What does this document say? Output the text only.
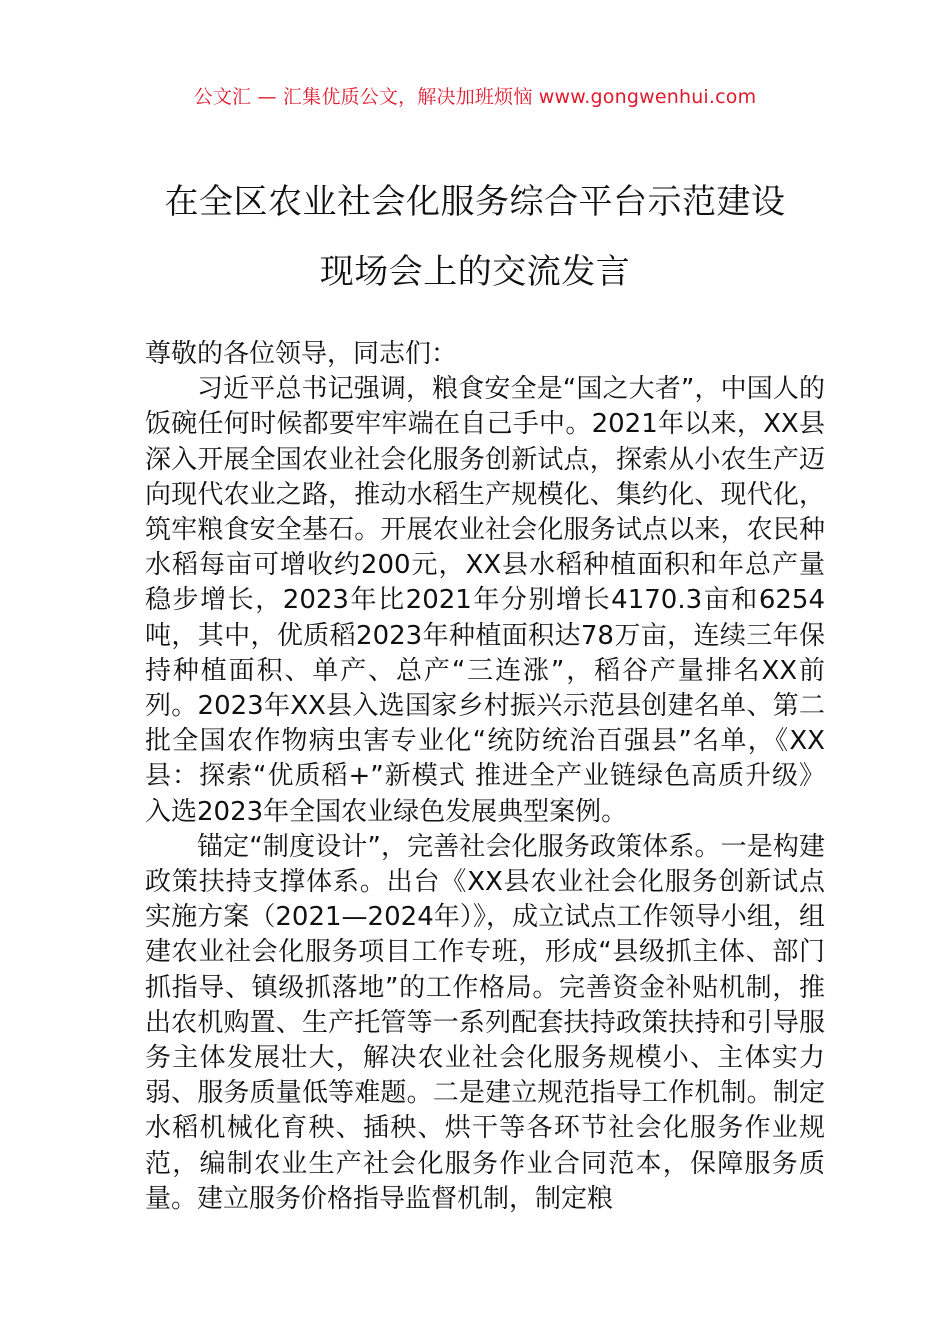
公文汇 — 汇集优质公文，解决加班烦恼 www.gongwenhui.com
在全区农业社会化服务综合平台示范建设
现场会上的交流发言

尊敬的各位领导，同志们：

习近平总书记强调，粮食安全是“国之大者”，中国人的饭碗任何时候都要牢牢端在自己手中。2021年以来，XX县深入开展全国农业社会化服务创新试点，探索从小农生产迈向现代农业之路，推动水稻生产规模化、集约化、现代化，筑牢粮食安全基石。开展农业社会化服务试点以来，农民种水稻每亩可增收约200元，XX县水稻种植面积和年总产量稳步增长，2023年比2021年分别增长4170.3亩和6254吨，其中，优质稻2023年种植面积达78万亩，连续三年保持种植面积、单产、总产“三连涨”，稻谷产量排名XX前列。2023年XX县入选国家乡村振兴示范县创建名单、第二批全国农作物病虫害专业化“统防统治百强县”名单，《XX县：探索“优质稻+”新模式 推进全产业链绿色高质升级》入选2023年全国农业绿色发展典型案例。

锚定“制度设计”，完善社会化服务政策体系。一是构建政策扶持支撑体系。出台《XX县农业社会化服务创新试点实施方案（2021—2024年）》，成立试点工作领导小组，组建农业社会化服务项目工作专班，形成“县级抓主体、部门抓指导、镇级抓落地”的工作格局。完善资金补贴机制，推出农机购置、生产托管等一系列配套扶持政策扶持和引导服务主体发展壮大，解决农业社会化服务规模小、主体实力弱、服务质量低等难题。二是建立规范指导工作机制。制定水稻机械化育秧、插秧、烘干等各环节社会化服务作业规范，编制农业生产社会化服务作业合同范本，保障服务质量。建立服务价格指导监督机制，制定粮
